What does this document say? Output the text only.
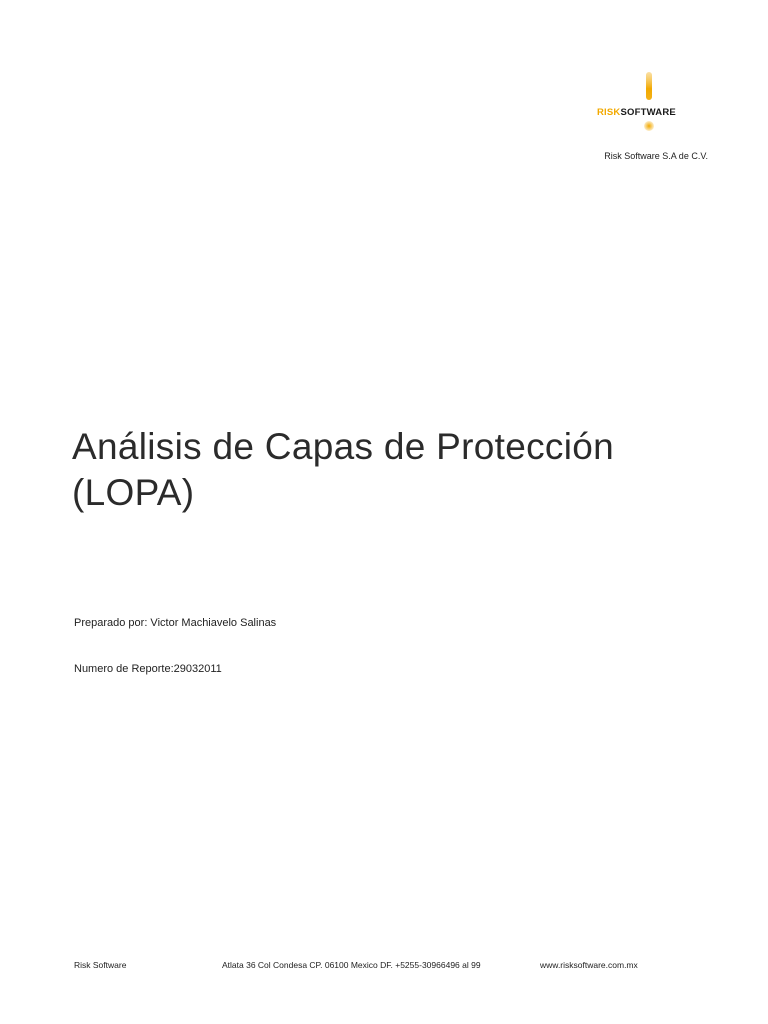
RISKSOFTWARE
Risk Software S.A de C.V.
Análisis de Capas de Protección (LOPA)
Preparado por: Victor Machiavelo Salinas
Numero de Reporte:29032011
Risk Software	Atlata 36 Col Condesa CP. 06100 Mexico DF. +5255-30966496 al 99	www.risksoftware.com.mx
